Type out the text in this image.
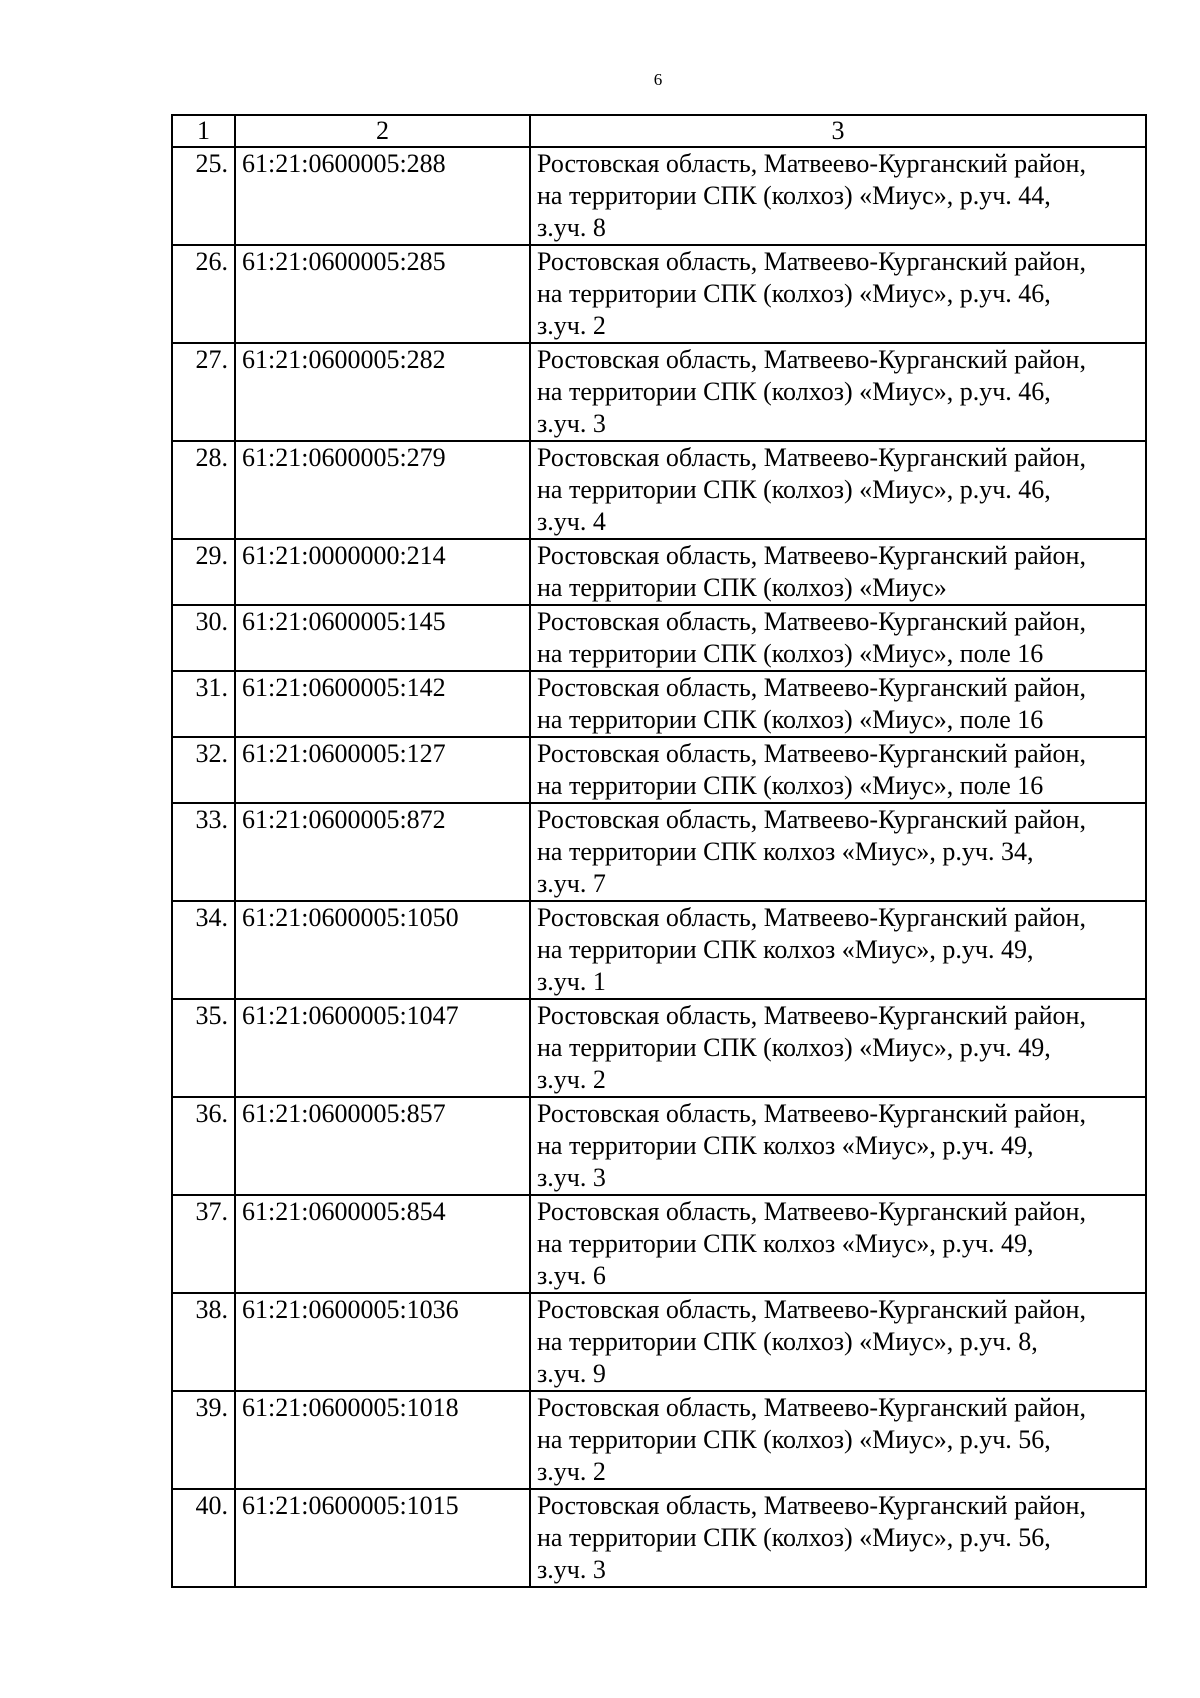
6
1	2	3
25.	61:21:0600005:288	Ростовская область, Матвеево-Курганский район,
на территории СПК (колхоз) «Миус», р.уч. 44,
з.уч. 8

26.	61:21:0600005:285	Ростовская область, Матвеево-Курганский район,
на территории СПК (колхоз) «Миус», р.уч. 46,
з.уч. 2

27.	61:21:0600005:282	Ростовская область, Матвеево-Курганский район,
на территории СПК (колхоз) «Миус», р.уч. 46,
з.уч. 3

28.	61:21:0600005:279	Ростовская область, Матвеево-Курганский район,
на территории СПК (колхоз) «Миус», р.уч. 46,
з.уч. 4

29.	61:21:0000000:214	Ростовская область, Матвеево-Курганский район,
на территории СПК (колхоз) «Миус»

30.	61:21:0600005:145	Ростовская область, Матвеево-Курганский район,
на территории СПК (колхоз) «Миус», поле 16

31.	61:21:0600005:142	Ростовская область, Матвеево-Курганский район,
на территории СПК (колхоз) «Миус», поле 16

32.	61:21:0600005:127	Ростовская область, Матвеево-Курганский район,
на территории СПК (колхоз) «Миус», поле 16

33.	61:21:0600005:872	Ростовская область, Матвеево-Курганский район,
на территории СПК колхоз «Миус», р.уч. 34,
з.уч. 7

34.	61:21:0600005:1050	Ростовская область, Матвеево-Курганский район,
на территории СПК колхоз «Миус», р.уч. 49,
з.уч. 1

35.	61:21:0600005:1047	Ростовская область, Матвеево-Курганский район,
на территории СПК (колхоз) «Миус», р.уч. 49,
з.уч. 2

36.	61:21:0600005:857	Ростовская область, Матвеево-Курганский район,
на территории СПК колхоз «Миус», р.уч. 49,
з.уч. 3

37.	61:21:0600005:854	Ростовская область, Матвеево-Курганский район,
на территории СПК колхоз «Миус», р.уч. 49,
з.уч. 6

38.	61:21:0600005:1036	Ростовская область, Матвеево-Курганский район,
на территории СПК (колхоз) «Миус», р.уч. 8,
з.уч. 9

39.	61:21:0600005:1018	Ростовская область, Матвеево-Курганский район,
на территории СПК (колхоз) «Миус», р.уч. 56,
з.уч. 2

40.	61:21:0600005:1015	Ростовская область, Матвеево-Курганский район,
на территории СПК (колхоз) «Миус», р.уч. 56,
з.уч. 3
